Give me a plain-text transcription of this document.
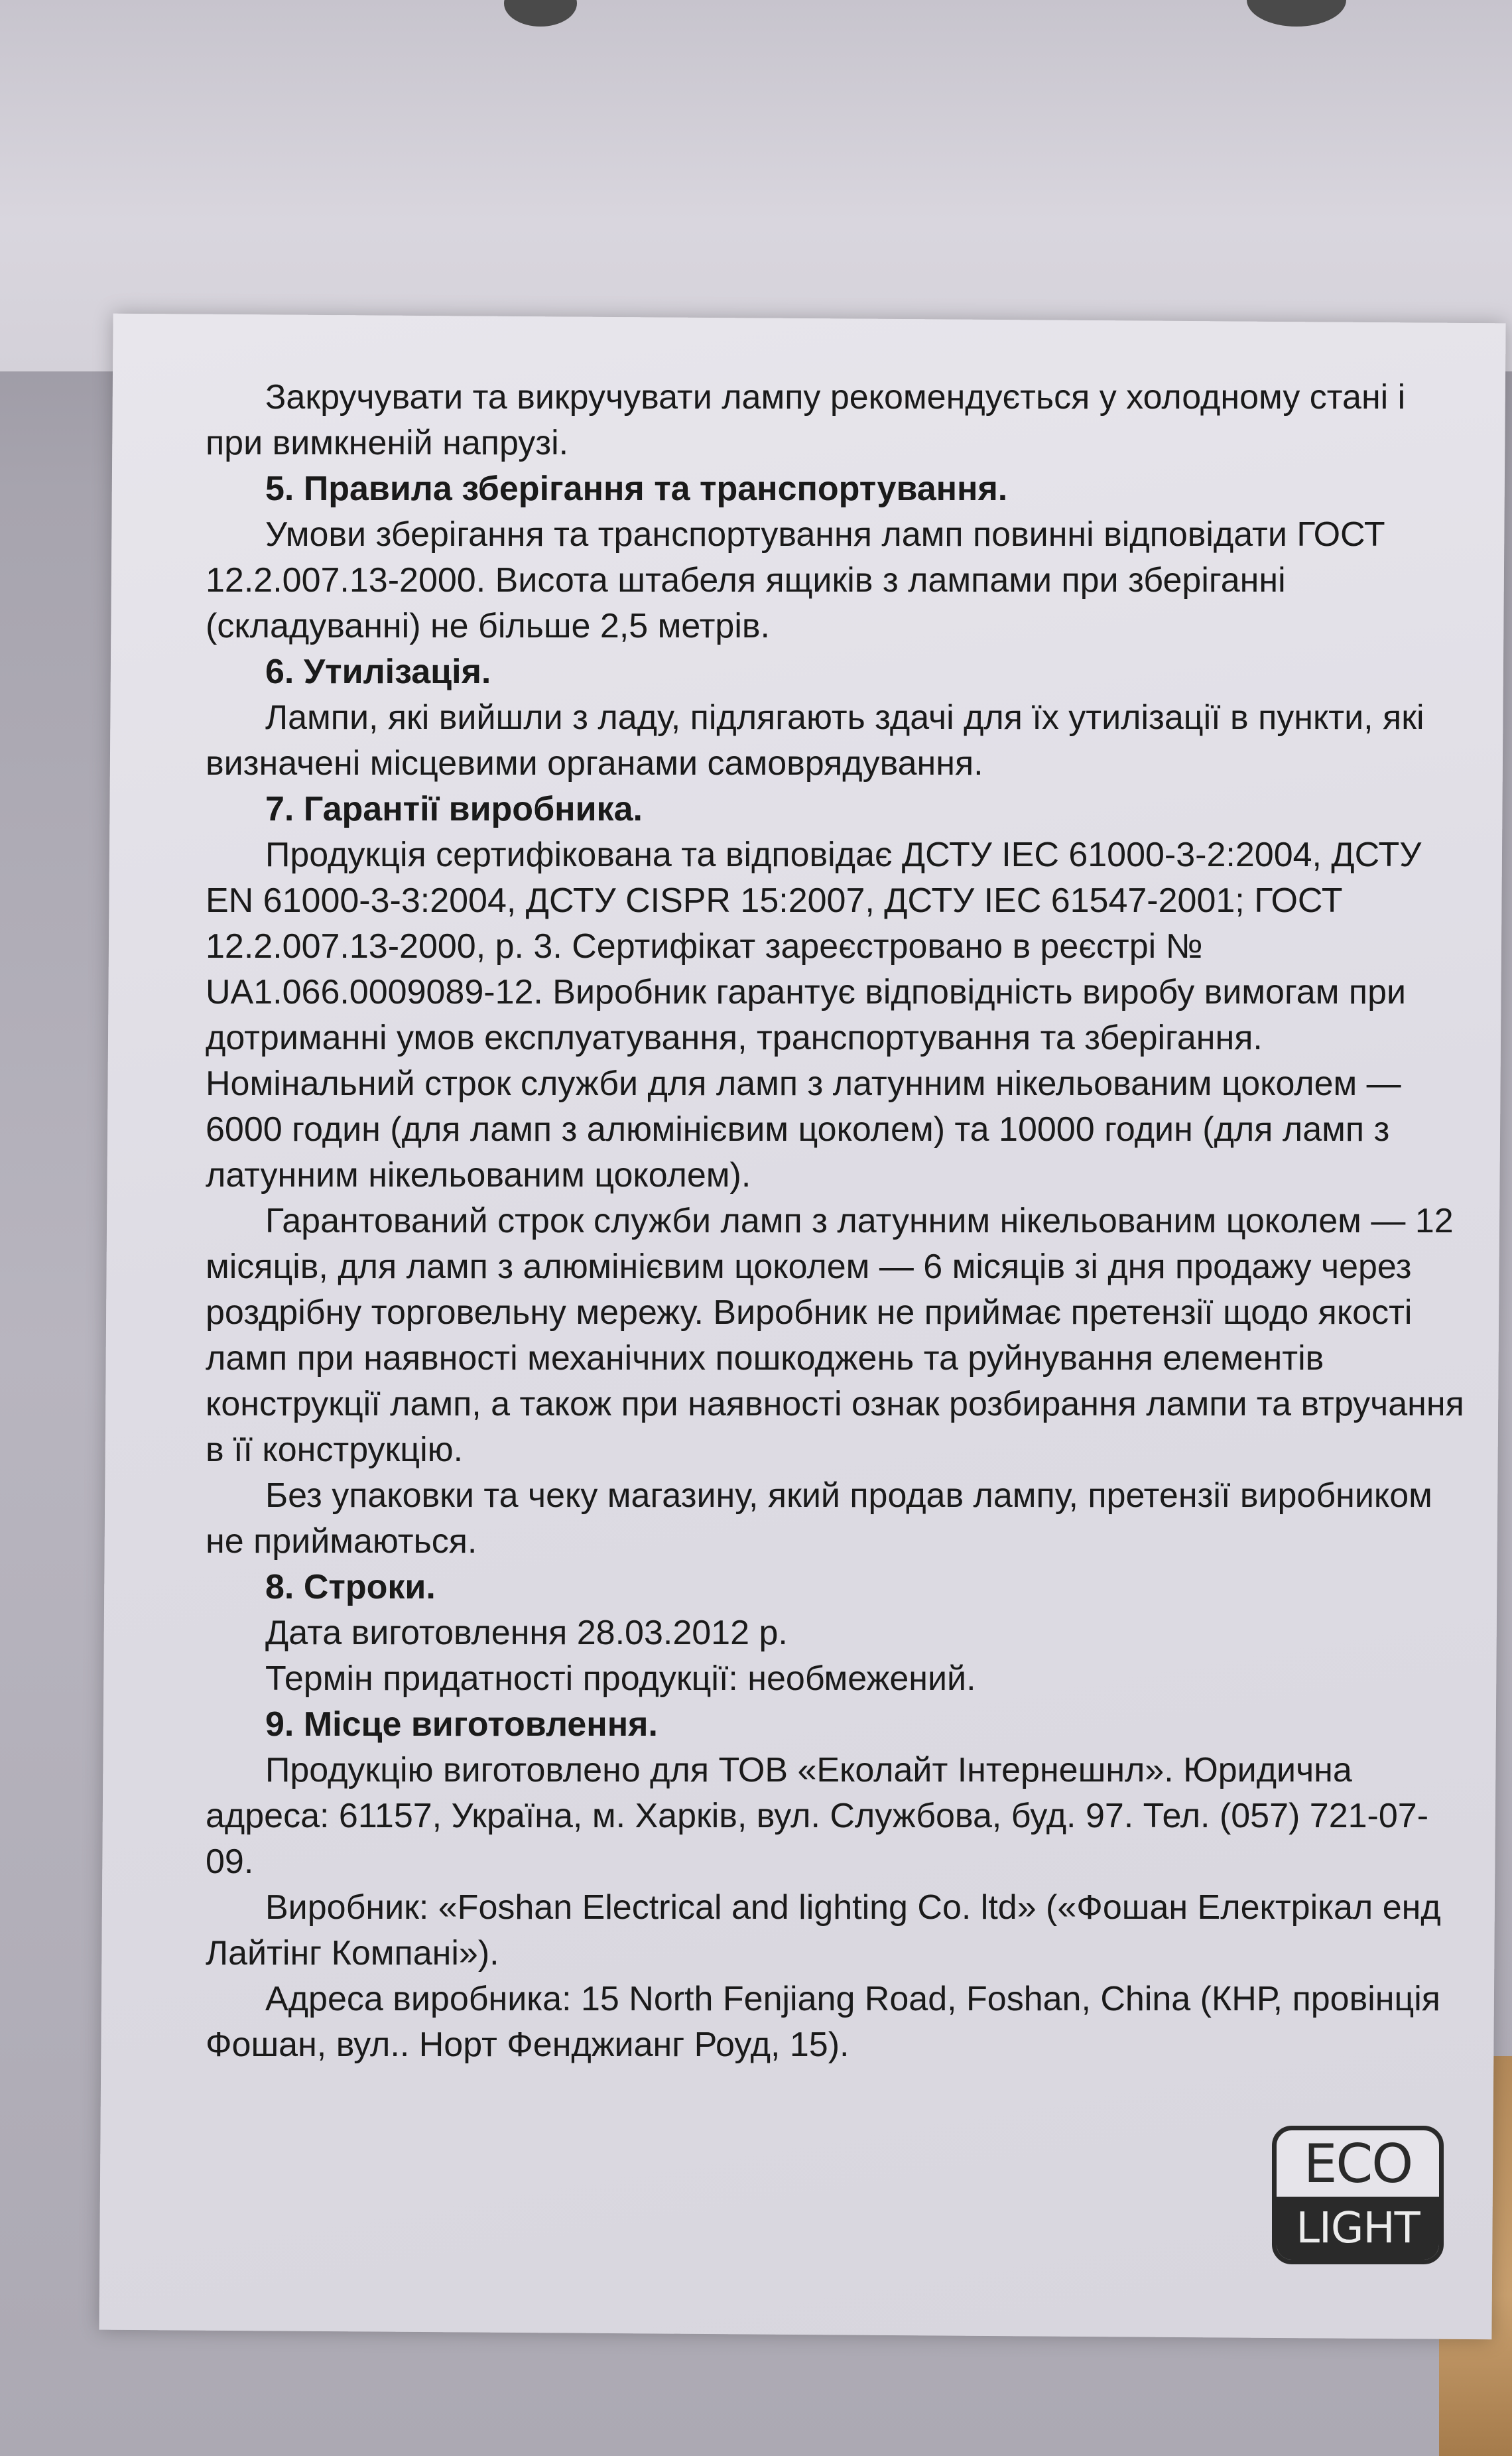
Закручувати та викручувати лампу рекомендується у холодному стані і при вимкненій напрузі.

5. Правила зберігання та транспортування.

Умови зберігання та транспортування ламп повинні відповідати ГОСТ 12.2.007.13-2000. Висота штабеля ящиків з лампами при зберіганні (складуванні) не більше 2,5 метрів.

6. Утилізація.

Лампи, які вийшли з ладу, підлягають здачі для їх утилізації в пункти, які визначені місцевими органами самоврядування.

7. Гарантії виробника.

Продукція сертифікована та відповідає ДСТУ IEC 61000-3-2:2004, ДСТУ EN 61000-3-3:2004, ДСТУ CISPR 15:2007, ДСТУ IEC 61547-2001; ГОСТ 12.2.007.13-2000, р. 3. Сертифікат зареєстровано в реєстрі № UA1.066.0009089-12. Виробник гарантує відповідність виробу вимогам при дотриманні умов експлуатування, транспортування та зберігання. Номінальний строк служби для ламп з латунним нікельованим цоколем — 6000 годин (для ламп з алюмінієвим цоколем) та 10000 годин (для ламп з латунним нікельованим цоколем).

Гарантований строк служби ламп з латунним нікельованим цоколем — 12 місяців, для ламп з алюмінієвим цоколем — 6 місяців зі дня продажу через роздрібну торговельну мережу. Виробник не приймає претензії щодо якості ламп при наявності механічних пошкоджень та руйнування елементів конструкції ламп, а також при наявності ознак розбирання лампи та втручання в її конструкцію.

Без упаковки та чеку магазину, який продав лампу, претензії виробником не приймаються.

8. Строки.

Дата виготовлення 28.03.2012 р.

Термін придатності продукції: необмежений.

9. Місце виготовлення.

Продукцію виготовлено для ТОВ «Еколайт Інтернешнл». Юридична адреса: 61157, Україна, м. Харків, вул. Службова, буд. 97. Тел. (057) 721-07-09.

Виробник: «Foshan Electrical and lighting Co. ltd» («Фошан Електрікал енд Лайтінг Компані»).

Адреса виробника: 15 North Fenjiang Road, Foshan, China (КНР, провінція Фошан, вул.. Норт Фенджианг Роуд, 15).

ECO
LIGHT
